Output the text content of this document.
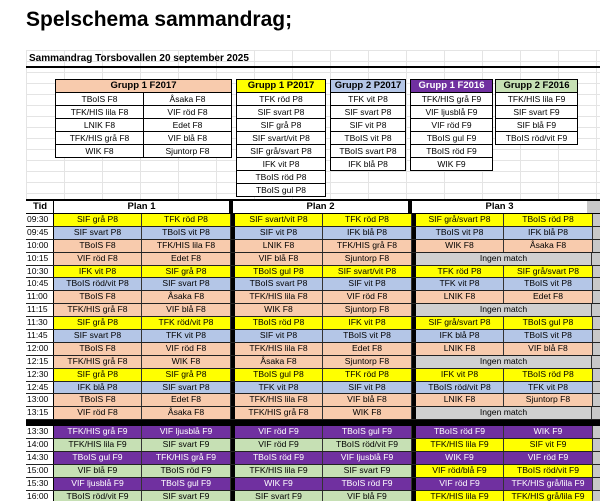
Spelschema sammandrag;
Sammandrag Torsbovallen 20 september 2025
Grupp 1 F2017
TBoIS F8	Åsaka F8
TFK/HIS lila F8	VIF röd F8
LNIK F8	Edet F8
TFK/HIS grå F8	VIF blå F8
WIK F8	Sjuntorp F8
Grupp 1 P2017
TFK röd P8
SIF svart P8
SIF grå P8
SIF svart/vit P8
SIF grå/svart P8
IFK vit P8
TBoIS röd P8
TBoIS gul P8
Grupp 2 P2017
TFK vit P8
SIF svart P8
SIF vit P8
TBoIS vit P8
TBoIS svart P8
IFK blå P8
Grupp 1 F2016
TFK/HIS grå F9
VIF ljusblå F9
VIF röd F9
TBoIS gul F9
TBoIS röd F9
WIK F9
Grupp 2 F2016
TFK/HIS lila F9
SIF svart F9
SIF blå F9
TBoIS röd/vit F9
Tid	Plan 1	Plan 2	Plan 3
09:30	SIF grå P8	TFK röd P8	SIF svart/vit P8	TFK röd P8	SIF grå/svart P8	TBoIS röd P8
09:45	SIF svart P8	TBoIS vit P8	SIF vit P8	IFK blå P8	TBoIS vit P8	IFK blå P8
10:00	TBoIS F8	TFK/HIS lila F8	LNIK F8	TFK/HIS grå F8	WIK F8	Åsaka F8
10:15	VIF röd F8	Edet F8	VIF blå F8	Sjuntorp F8	Ingen match
10:30	IFK vit P8	SIF grå P8	TBoIS gul P8	SIF svart/vit P8	TFK röd P8	SIF grå/svart P8
10:45	TBoIS röd/vit P8	SIF svart P8	TBoIS svart P8	SIF vit P8	TFK vit P8	TBoIS vit P8
11:00	TBoIS F8	Åsaka F8	TFK/HIS lila F8	VIF röd F8	LNIK F8	Edet F8
11:15	TFK/HIS grå F8	VIF blå F8	WIK F8	Sjuntorp F8	Ingen match
11:30	SIF grå P8	TFK röd/vit P8	TBoIS röd P8	IFK vit P8	SIF grå/svart P8	TBoIS gul P8
11:45	SIF svart P8	TFK vit P8	SIF vit P8	TBoIS vit P8	IFK blå P8	TBoIS vit P8
12:00	TBoIS F8	VIF röd F8	TFK/HIS lila F8	Edet F8	LNIK F8	VIF blå F8
12:15	TFK/HIS grå F8	WIK F8	Åsaka F8	Sjuntorp F8	Ingen match
12:30	SIF grå P8	SIF grå P8	TBoIS gul P8	TFK röd P8	IFK vit P8	TBoIS röd P8
12:45	IFK blå P8	SIF svart P8	TFK vit P8	SIF vit P8	TBoIS röd/vit P8	TFK vit P8
13:00	TBoIS F8	Edet F8	TFK/HIS lila F8	VIF blå F8	LNIK F8	Sjuntorp F8
13:15	VIF röd F8	Åsaka F8	TFK/HIS grå F8	WIK F8	Ingen match
13:30	TFK/HIS grå F9	VIF ljusblå F9	VIF röd F9	TBoIS gul F9	TBoIS röd F9	WIK F9
14:00	TFK/HIS lila F9	SIF svart F9	VIF röd F9	TBoIS röd/vit F9	TFK/HIS lila F9	SIF vit F9
14:30	TBoIS gul F9	TFK/HIS grå F9	TBoIS röd F9	VIF ljusblå F9	WIK F9	VIF röd F9
15:00	VIF blå F9	TBoIS röd F9	TFK/HIS lila F9	SIF svart F9	VIF röd/blå F9	TBoIS röd/vit F9
15:30	VIF ljusblå F9	TBoIS gul F9	WIK F9	TBoIS röd F9	VIF röd F9	TFK/HIS grå/lila F9
16:00	TBoIS röd/vit F9	SIF svart F9	SIF svart F9	VIF blå F9	TFK/HIS lila F9	TFK/HIS grå/lila F9
